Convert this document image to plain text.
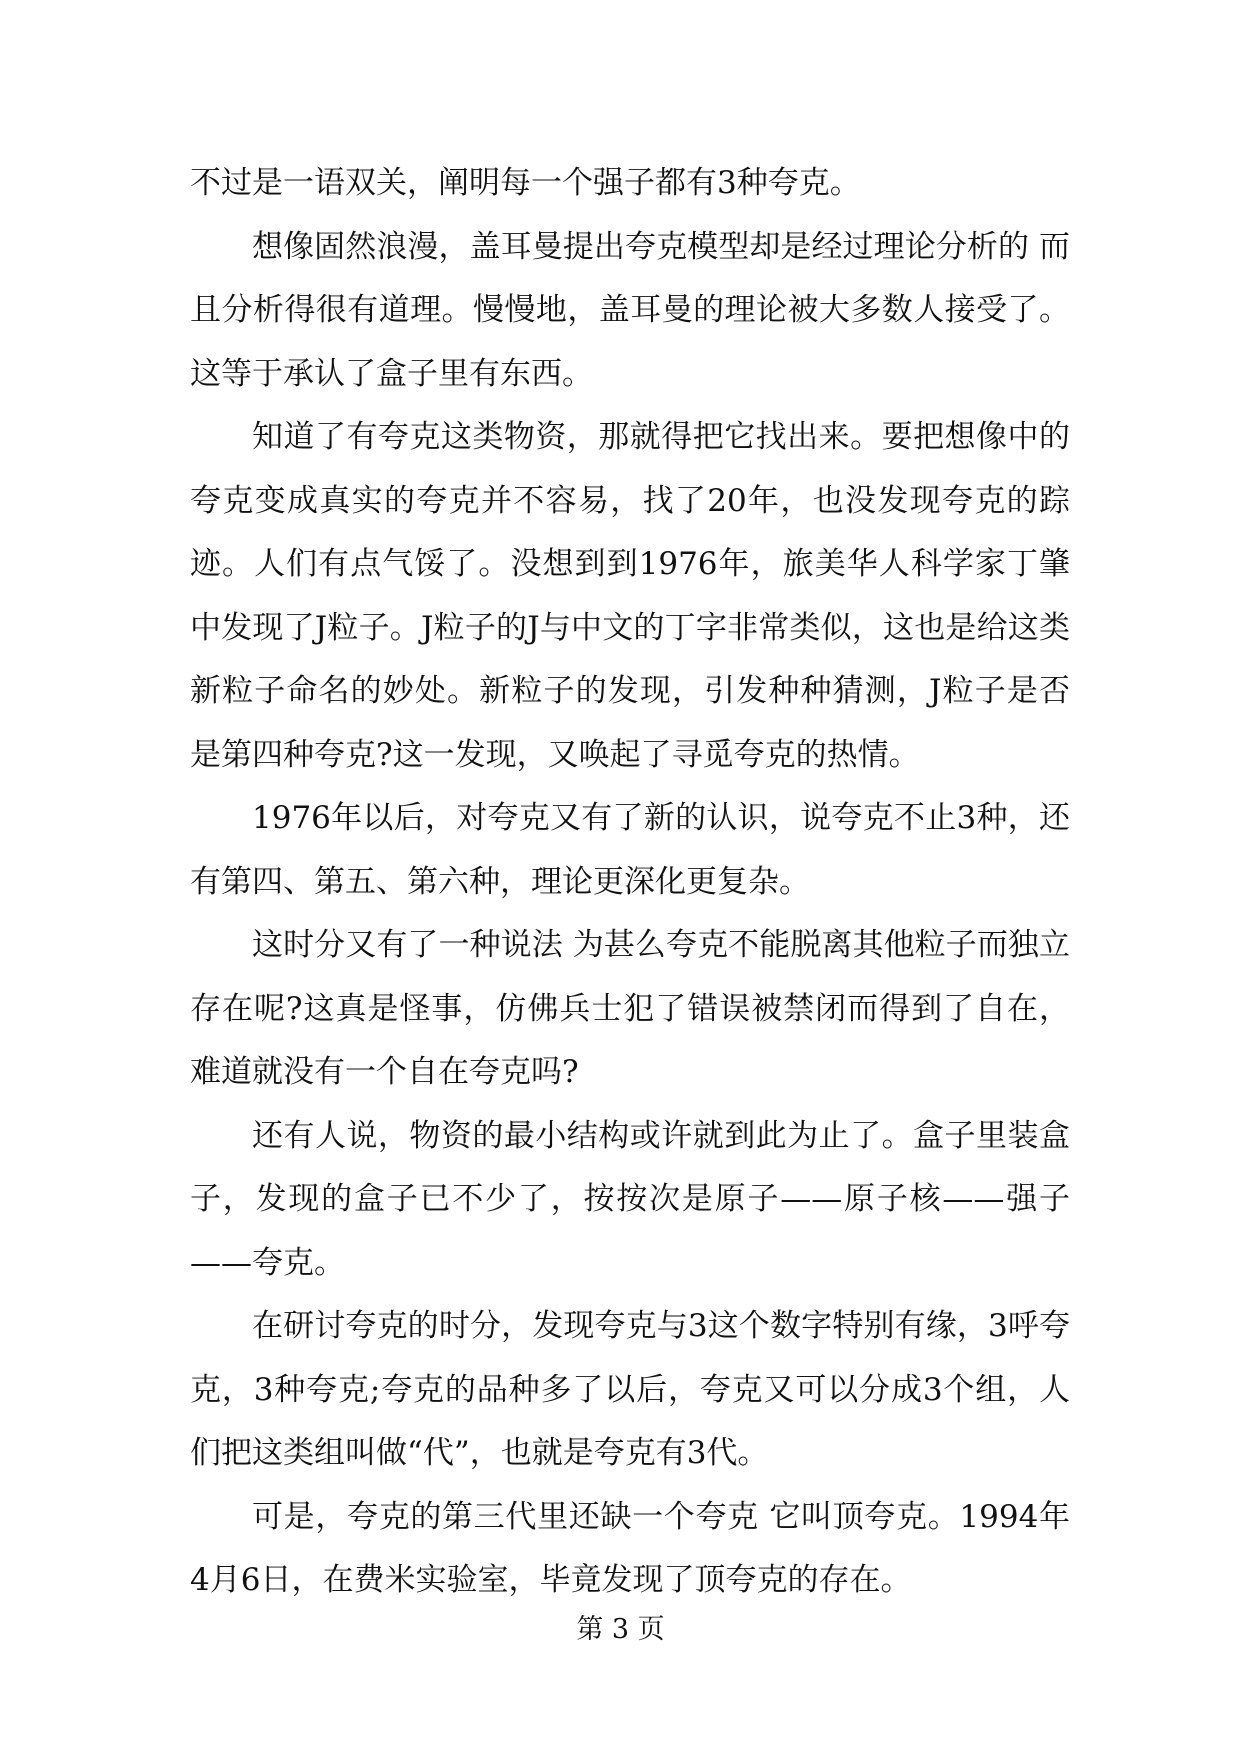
不过是一语双关，阐明每一个强子都有3种夸克。

想像固然浪漫，盖耳曼提出夸克模型却是经过理论分析的 而且分析得很有道理。慢慢地，盖耳曼的理论被大多数人接受了。这等于承认了盒子里有东西。

知道了有夸克这类物资，那就得把它找出来。要把想像中的夸克变成真实的夸克并不容易，找了20年，也没发现夸克的踪迹。人们有点气馁了。没想到到1976年，旅美华人科学家丁肇中发现了J粒子。J粒子的J与中文的丁字非常类似，这也是给这类新粒子命名的妙处。新粒子的发现，引发种种猜测，J粒子是否是第四种夸克?这一发现，又唤起了寻觅夸克的热情。

1976年以后，对夸克又有了新的认识，说夸克不止3种，还有第四、第五、第六种，理论更深化更复杂。

这时分又有了一种说法 为甚么夸克不能脱离其他粒子而独立存在呢?这真是怪事，仿佛兵士犯了错误被禁闭而得到了自在，难道就没有一个自在夸克吗?

还有人说，物资的最小结构或许就到此为止了。盒子里装盒子，发现的盒子已不少了，按按次是原子——原子核——强子——夸克。

在研讨夸克的时分，发现夸克与3这个数字特别有缘，3呼夸克，3种夸克;夸克的品种多了以后，夸克又可以分成3个组，人们把这类组叫做“代”，也就是夸克有3代。

可是，夸克的第三代里还缺一个夸克 它叫顶夸克。1994年4月6日，在费米实验室，毕竟发现了顶夸克的存在。

第 3 页
